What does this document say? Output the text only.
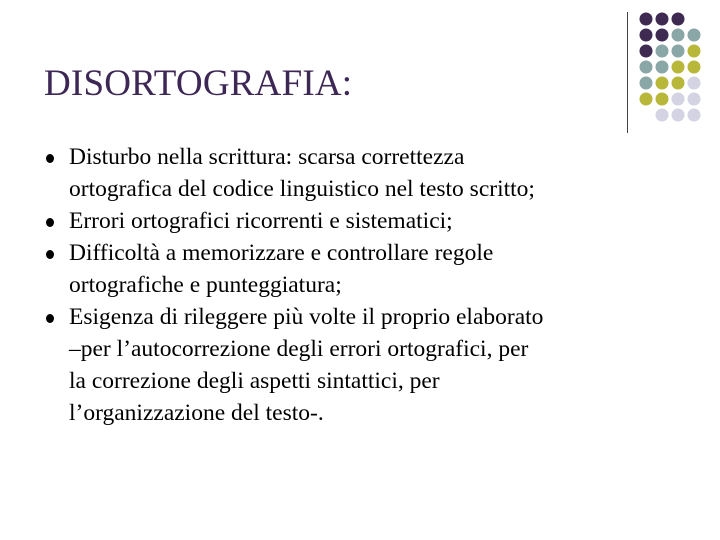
DISORTOGRAFIA:
Disturbo nella scrittura: scarsa correttezza
ortografica del codice linguistico nel testo scritto;
Errori ortografici ricorrenti e sistematici;
Difficoltà a memorizzare e controllare regole
ortografiche e punteggiatura;
Esigenza di rileggere più volte il proprio elaborato
–per l’autocorrezione degli errori ortografici, per
la correzione degli aspetti sintattici, per
l’organizzazione del testo-.
